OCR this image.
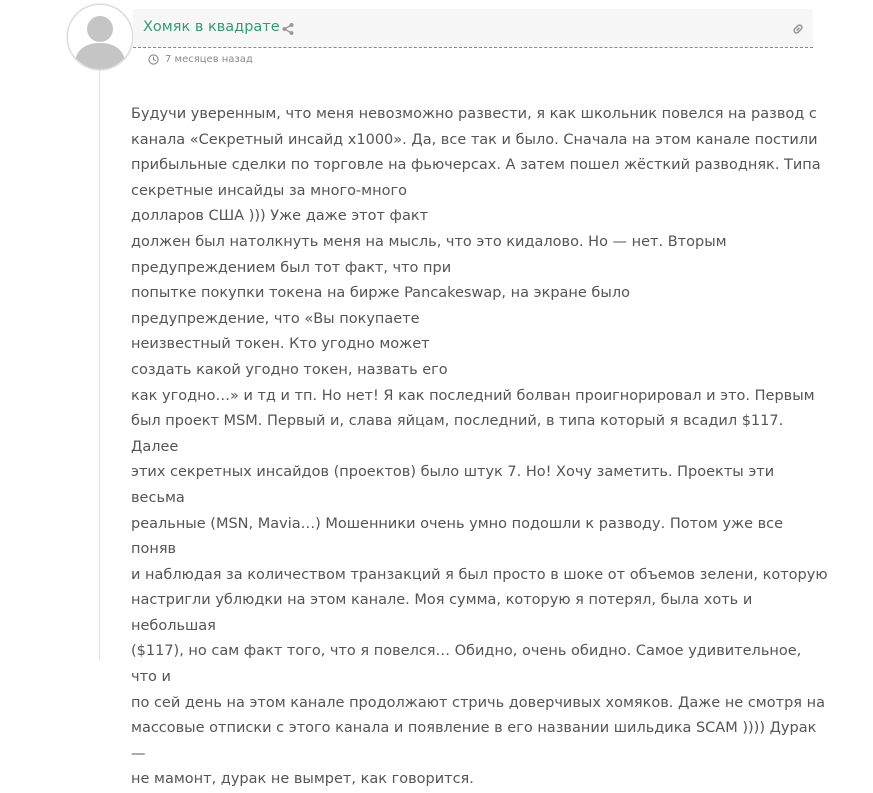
Хомяк в квадрате
7 месяцев назад

Будучи уверенным, что меня невозможно развести, я как школьник повелся на развод с

канала «Секретный инсайд х1000». Да, все так и было. Сначала на этом канале постили

прибыльные сделки по торговле на фьючерсах. А затем пошел жёсткий разводняк. Типа

секретные инсайды за много-много

долларов США ))) Уже даже этот факт

должен был натолкнуть меня на мысль, что это кидалово. Но — нет. Вторым

предупреждением был тот факт, что при

попытке покупки токена на бирже Pancakeswap, на экране было

предупреждение, что «Вы покупаете

неизвестный токен. Кто угодно может

создать какой угодно токен, назвать его

как угодно…» и тд и тп. Но нет! Я как последний болван проигнорировал и это. Первым

был проект MSM. Первый и, слава яйцам, последний, в типа который я всадил $117. Далее

этих секретных инсайдов (проектов) было штук 7. Но! Хочу заметить. Проекты эти весьма

реальные (MSN, Mavia…) Мошенники очень умно подошли к разводу. Потом уже все поняв

и наблюдая за количеством транзакций я был просто в шоке от объемов зелени, которую

настригли ублюдки на этом канале. Моя сумма, которую я потерял, была хоть и небольшая

($117), но сам факт того, что я повелся… Обидно, очень обидно. Самое удивительное, что и

по сей день на этом канале продолжают стричь доверчивых хомяков. Даже не смотря на

массовые отписки с этого канала и появление в его названии шильдика SCAM )))) Дурак —

не мамонт, дурак не вымрет, как говорится.
